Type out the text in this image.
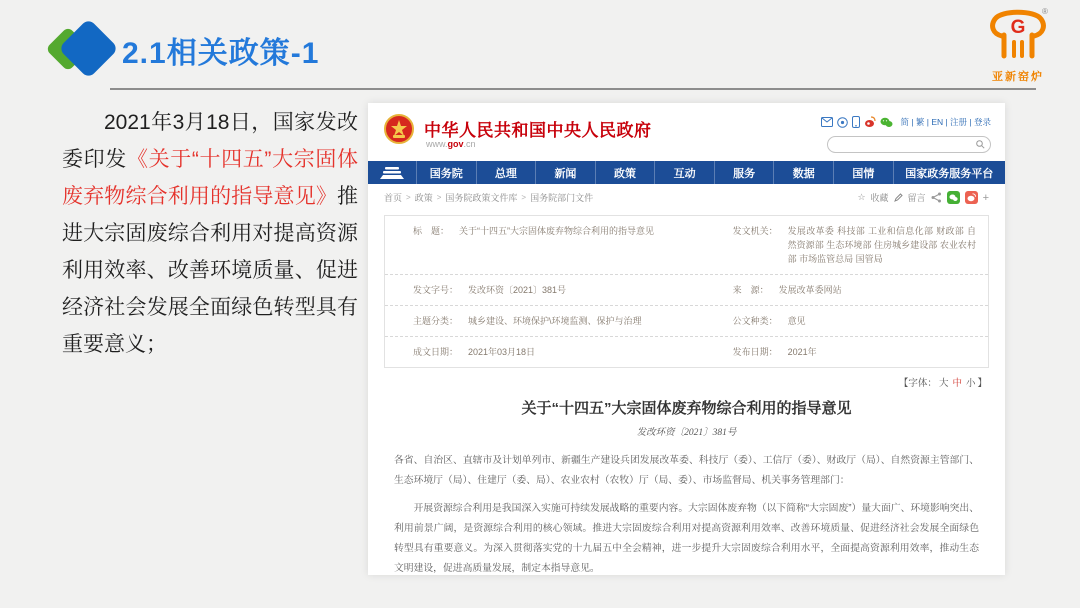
2.1相关政策-1
G
®
亚新窑炉

2021年3月18日，国家发改委印发《关于“十四五”大宗固体废弃物综合利用的指导意见》推进大宗固废综合利用对提高资源利用效率、改善环境质量、促进经济社会发展全面绿色转型具有重要意义；

中华人民共和国中央人民政府
www.gov.cn
简 | 繁 | EN | 注册 | 登录
国务院	总理	新闻	政策	互动	服务	数据	国情	国家政务服务平台
首页 > 政策 > 国务院政策文件库 > 国务院部门文件	☆ 收藏 留言	+
标　题： 关于“十四五”大宗固体废弃物综合利用的指导意见	发文机关： 发展改革委 科技部 工业和信息化部 财政部 自然资源部 生态环境部 住房城乡建设部 农业农村部 市场监管总局 国管局
发文字号： 发改环资〔2021〕381号	来　源： 发展改革委网站
主题分类： 城乡建设、环境保护\环境监测、保护与治理	公文种类： 意见
成文日期： 2021年03月18日	发布日期： 2021年
【字体： 大 中 小 】
关于“十四五”大宗固体废弃物综合利用的指导意见
发改环资〔2021〕381号

各省、自治区、直辖市及计划单列市、新疆生产建设兵团发展改革委、科技厅（委）、工信厅（委）、财政厅（局）、自然资源主管部门、生态环境厅（局）、住建厅（委、局）、农业农村（农牧）厅（局、委）、市场监督局、机关事务管理部门：

开展资源综合利用是我国深入实施可持续发展战略的重要内容。大宗固体废弃物（以下简称“大宗固废”）量大面广、环境影响突出、利用前景广阔，是资源综合利用的核心领域。推进大宗固废综合利用对提高资源利用效率、改善环境质量、促进经济社会发展全面绿色转型具有重要意义。为深入贯彻落实党的十九届五中全会精神，进一步提升大宗固废综合利用水平，全面提高资源利用效率，推动生态文明建设，促进高质量发展，制定本指导意见。
